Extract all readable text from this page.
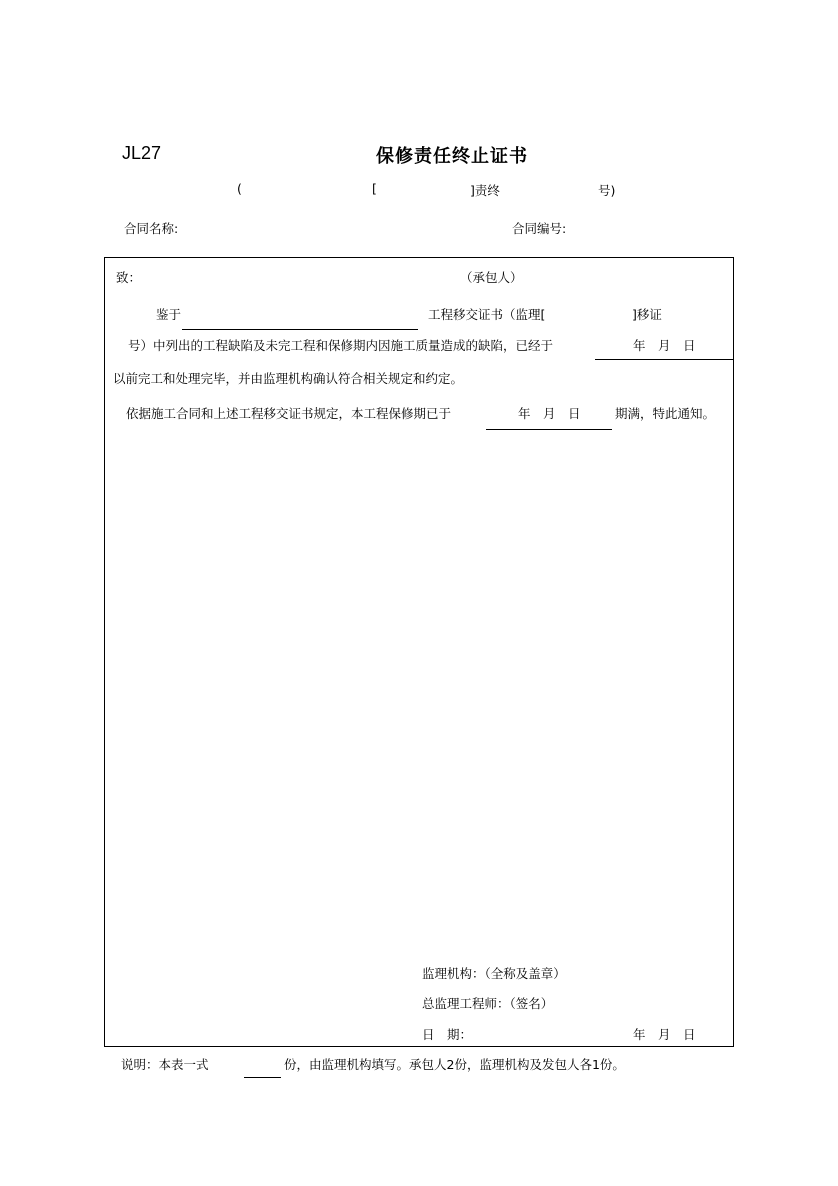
JL27	保修责任终止证书
(	[	]责终	号)
合同名称:	合同编号:
致：	（承包人）
鉴于	工程移交证书（监理[	]移证
号）中列出的工程缺陷及未完工程和保修期内因施工质量造成的缺陷，已经于	年　月　日
以前完工和处理完毕，并由监理机构确认符合相关规定和约定。
依据施工合同和上述工程移交证书规定，本工程保修期已于	年　月　日	期满，特此通知。
监理机构：（全称及盖章）
总监理工程师：（签名）
日　期：	年　月　日
说明：本表一式	份，由监理机构填写。承包人2份，监理机构及发包人各1份。
